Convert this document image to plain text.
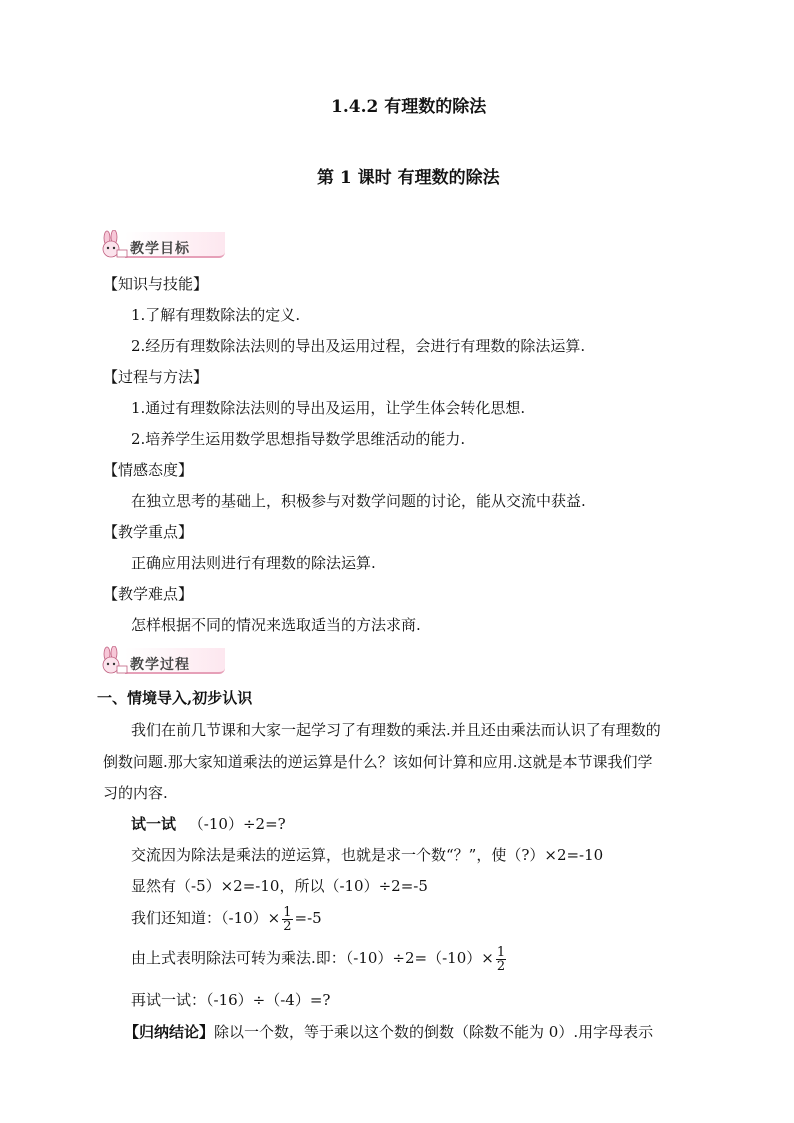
1.4.2 有理数的除法
第 1 课时 有理数的除法
教学目标
【知识与技能】
1.了解有理数除法的定义.
2.经历有理数除法法则的导出及运用过程，会进行有理数的除法运算.
【过程与方法】
1.通过有理数除法法则的导出及运用，让学生体会转化思想.
2.培养学生运用数学思想指导数学思维活动的能力.
【情感态度】
在独立思考的基础上，积极参与对数学问题的讨论，能从交流中获益.
【教学重点】
正确应用法则进行有理数的除法运算.
【教学难点】
怎样根据不同的情况来选取适当的方法求商.
教学过程
一、情境导入,初步认识
我们在前几节课和大家一起学习了有理数的乘法.并且还由乘法而认识了有理数的
倒数问题.那大家知道乘法的逆运算是什么？该如何计算和应用.这就是本节课我们学
习的内容.
试一试 （-10）÷2=?
交流因为除法是乘法的逆运算，也就是求一个数“？”，使（?）×2=-10
显然有（-5）×2=-10，所以（-10）÷2=-5
我们还知道：$(-10)\times \frac{1}{2} =-5$
由上式表明除法可转为乘法.即：$(-10)\div 2=(-10)\times \frac{1}{2}$
再试一试：（-16）÷（-4）=?
【归纳结论】除以一个数，等于乘以这个数的倒数（除数不能为 0）.用字母表示
